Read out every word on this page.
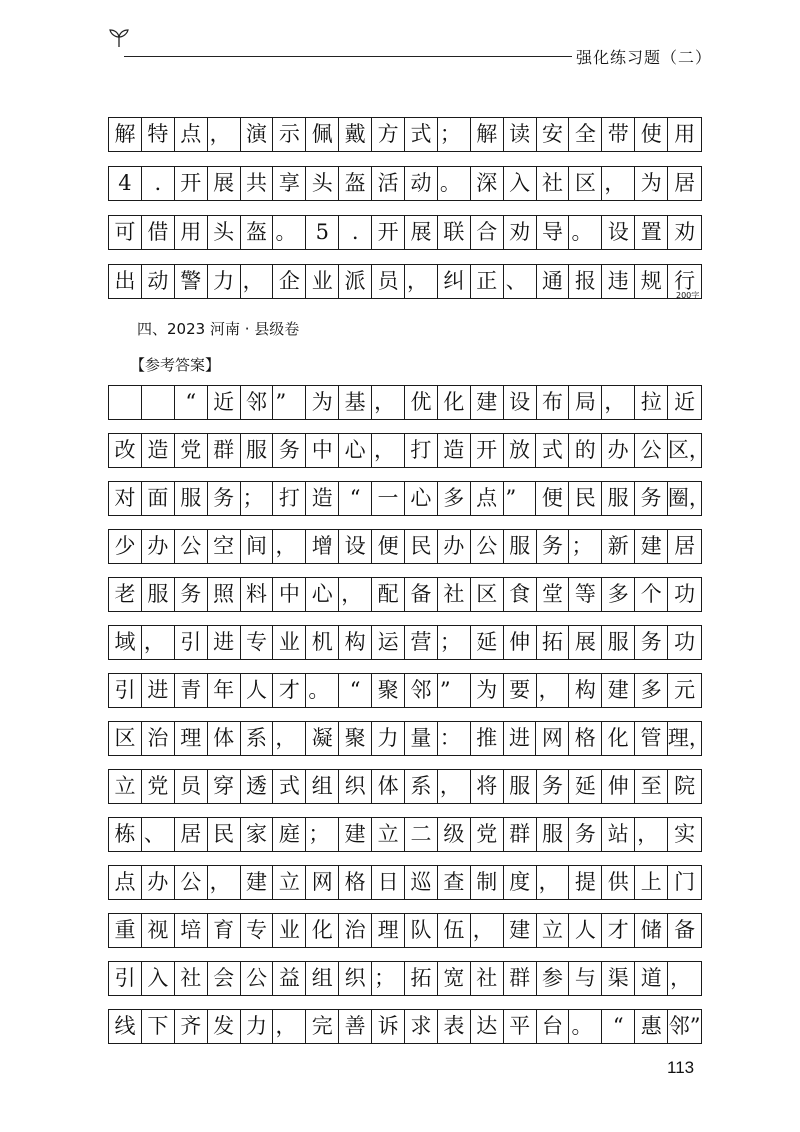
强化练习题（二）
解 特 点 ， 演 示 佩 戴 方 式 ； 解 读 安 全 带 使 用
4	. 开 展 共 享 头 盔 活 动 。 深 入 社 区 ， 为 居
可 借 用 头 盔 。 5	. 开 展 联 合 劝 导 。 设 置 劝
出 动 警 力 ， 企 业 派 员 ， 纠 正 、 通 报 违 规 行
200字
四、2023 河南 · 县级卷
【参考答案】
“ 近 邻 ”	为 基 ， 优 化 建 设 布 局 ， 拉 近
改 造 党 群 服 务 中 心 ， 打 造 开 放 式 的 办 公 区，
对 面 服 务 ； 打 造 “ 一 心 多 点 ”	便 民 服 务 圈，
少 办 公 空 间 ， 增 设 便 民 办 公 服 务 ； 新 建 居
老 服 务 照 料 中 心 ， 配 备 社 区 食 堂 等 多 个 功
域 ， 引 进 专 业 机 构 运 营 ； 延 伸 拓 展 服 务 功
引 进 青 年 人 才 。 “ 聚 邻 ”	为 要 ， 构 建 多 元
区 治 理 体 系 ， 凝 聚 力 量 ： 推 进 网 格 化 管 理，
立 党 员 穿 透 式 组 织 体 系 ， 将 服 务 延 伸 至 院
栋 、 居 民 家 庭 ； 建 立 二 级 党 群 服 务 站 ， 实
点 办 公 ， 建 立 网 格 日 巡 查 制 度 ， 提 供 上 门
重 视 培 育 专 业 化 治 理 队 伍 ， 建 立 人 才 储 备
引 入 社 会 公 益 组 织 ； 拓 宽 社 群 参 与 渠 道 ，
线 下 齐 发 力 ， 完 善 诉 求 表 达 平 台 。 “ 惠 邻”
113
